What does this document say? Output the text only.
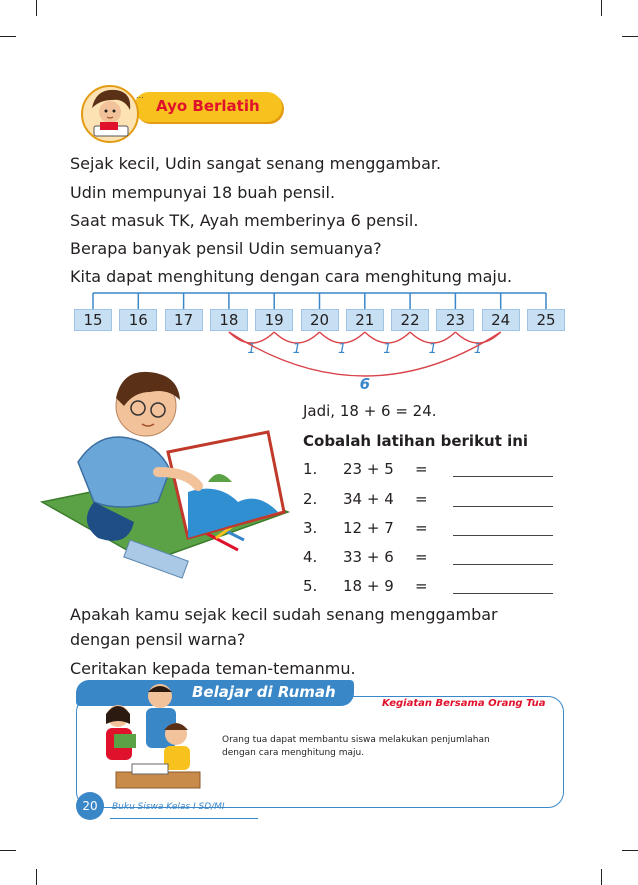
Ayo Berlatih
...
Sejak kecil, Udin sangat senang menggambar.
Udin mempunyai 18 buah pensil.
Saat masuk TK, Ayah memberinya 6 pensil.
Berapa banyak pensil Udin semuanya?
Kita dapat menghitung dengan cara menghitung maju.
1	1	1	1	1	1
6
15	16	17	18	19	20	21	22	23	24	25
Jadi, 18 + 6 = 24.
Cobalah latihan berikut ini
1. 23 + 5 =
2. 34 + 4 =
3. 12 + 7 =
4. 33 + 6 =
5. 18 + 9 =
Apakah kamu sejak kecil sudah senang menggambar
dengan pensil warna?
Ceritakan kepada teman-temanmu.
Belajar di Rumah
Kegiatan Bersama Orang Tua
Orang tua dapat membantu siswa melakukan penjumlahan
dengan cara menghitung maju.
20	Buku Siswa Kelas I SD/MI
